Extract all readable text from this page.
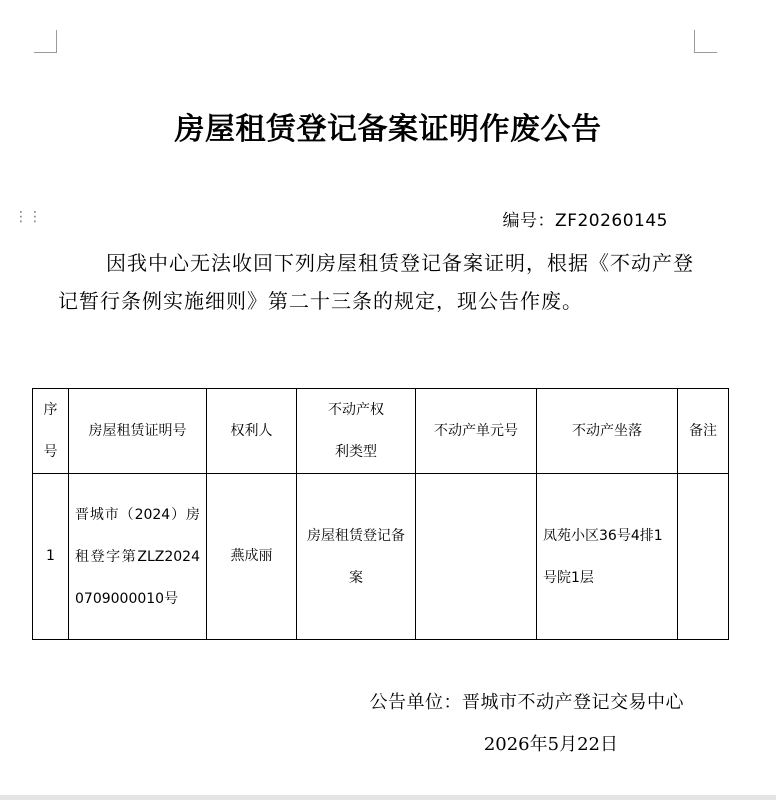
房屋租赁登记备案证明作废公告
⋮⋮	编号：ZF20260145

因我中心无法收回下列房屋租赁登记备案证明，根据《不动产登记暂行条例实施细则》第二十三条的规定，现公告作废。

序号	房屋租赁证明号	权利人	不动产权利类型	不动产单元号	不动产坐落	备注
1	晋城市（2024）房租登字第ZLZ20240709000010号	燕成丽	房屋租赁登记备案		凤苑小区36号4排1号院1层	
公告单位：晋城市不动产登记交易中心
2026年5月22日
